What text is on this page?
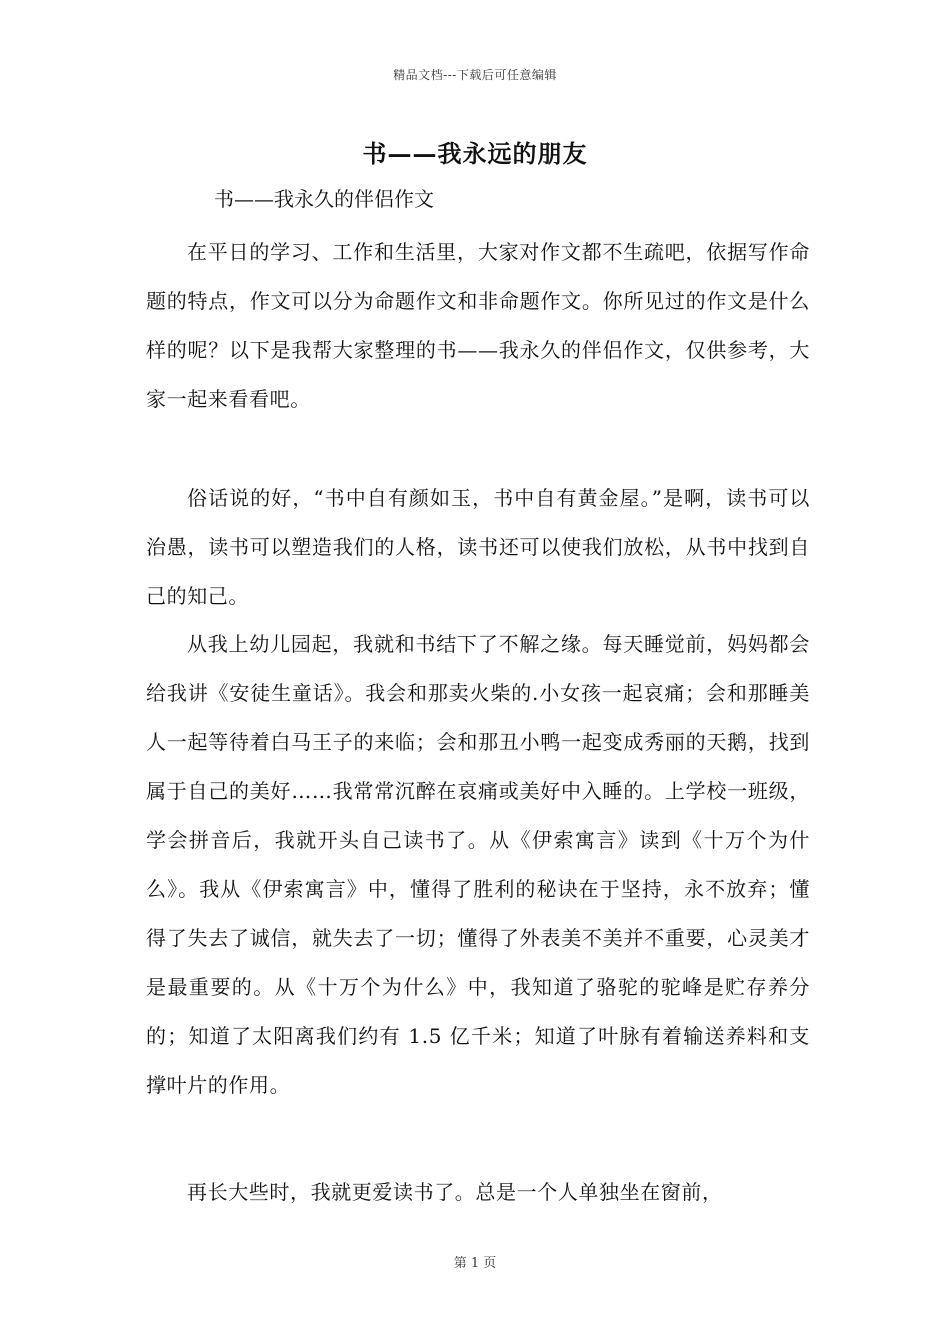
精品文档---下载后可任意编辑
书——我永远的朋友
书——我永久的伴侣作文

在平日的学习、工作和生活里，大家对作文都不生疏吧，依据写作命题的特点，作文可以分为命题作文和非命题作文。你所见过的作文是什么样的呢？以下是我帮大家整理的书——我永久的伴侣作文，仅供参考，大家一起来看看吧。

俗话说的好，“书中自有颜如玉，书中自有黄金屋。”是啊，读书可以治愚，读书可以塑造我们的人格，读书还可以使我们放松，从书中找到自己的知己。

从我上幼儿园起，我就和书结下了不解之缘。每天睡觉前，妈妈都会给我讲《安徒生童话》。我会和那卖火柴的.小女孩一起哀痛；会和那睡美人一起等待着白马王子的来临；会和那丑小鸭一起变成秀丽的天鹅，找到属于自己的美好……我常常沉醉在哀痛或美好中入睡的。上学校一班级，学会拼音后，我就开头自己读书了。从《伊索寓言》读到《十万个为什么》。我从《伊索寓言》中，懂得了胜利的秘诀在于坚持，永不放弃；懂得了失去了诚信，就失去了一切；懂得了外表美不美并不重要，心灵美才是最重要的。从《十万个为什么》中，我知道了骆驼的驼峰是贮存养分的；知道了太阳离我们约有 1.5 亿千米；知道了叶脉有着输送养料和支撑叶片的作用。

再长大些时，我就更爱读书了。总是一个人单独坐在窗前，

第 1 页
